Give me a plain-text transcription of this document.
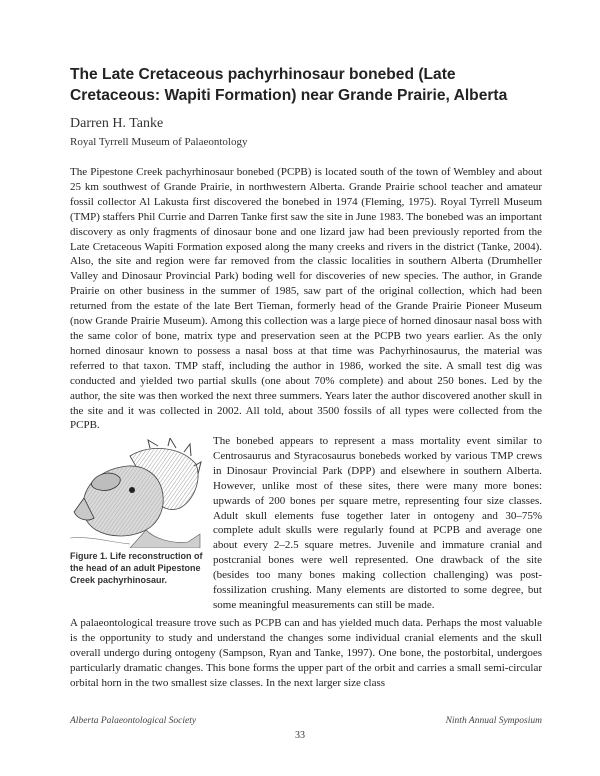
The Late Cretaceous pachyrhinosaur bonebed (Late Cretaceous: Wapiti Formation) near Grande Prairie, Alberta
Darren H. Tanke
Royal Tyrrell Museum of Palaeontology

The Pipestone Creek pachyrhinosaur bonebed (PCPB) is located south of the town of Wembley and about 25 km southwest of Grande Prairie, in northwestern Alberta. Grande Prairie school teacher and amateur fossil collector Al Lakusta first discovered the bonebed in 1974 (Fleming, 1975). Royal Tyrrell Museum (TMP) staffers Phil Currie and Darren Tanke first saw the site in June 1983. The bonebed was an important discovery as only fragments of dinosaur bone and one lizard jaw had been previously reported from the Late Cretaceous Wapiti Formation exposed along the many creeks and rivers in the district (Tanke, 2004). Also, the site and region were far removed from the classic localities in southern Alberta (Drumheller Valley and Dinosaur Provincial Park) boding well for discoveries of new species. The author, in Grande Prairie on other business in the summer of 1985, saw part of the original collection, which had been returned from the estate of the late Bert Tieman, formerly head of the Grande Prairie Pioneer Museum (now Grande Prairie Museum). Among this collection was a large piece of horned dinosaur nasal boss with the same color of bone, matrix type and preservation seen at the PCPB two years earlier. As the only horned dinosaur known to possess a nasal boss at that time was Pachyrhinosaurus, the material was referred to that taxon. TMP staff, including the author in 1986, worked the site. A small test dig was conducted and yielded two partial skulls (one about 70% complete) and about 250 bones. Led by the author, the site was then worked the next three summers. Years later the author discovered another skull in the site and it was collected in 2002. All told, about 3500 fossils of all types were collected from the PCPB.

Figure 1. Life reconstruction of the head of an adult Pipestone Creek pachyrhinosaur.

The bonebed appears to represent a mass mortality event similar to Centrosaurus and Styracosaurus bonebeds worked by various TMP crews in Dinosaur Provincial Park (DPP) and elsewhere in southern Alberta. However, unlike most of these sites, there were many more bones: upwards of 200 bones per square metre, representing four size classes. Adult skull elements fuse together later in ontogeny and 30–75% complete adult skulls were regularly found at PCPB and average one about every 2–2.5 square metres. Juvenile and immature cranial and postcranial bones were well represented. One drawback of the site (besides too many bones making collection challenging) was post-fossilization crushing. Many elements are distorted to some degree, but some meaningful measurements can still be made.

A palaeontological treasure trove such as PCPB can and has yielded much data. Perhaps the most valuable is the opportunity to study and understand the changes some individual cranial elements and the skull overall undergo during ontogeny (Sampson, Ryan and Tanke, 1997). One bone, the postorbital, undergoes particularly dramatic changes. This bone forms the upper part of the orbit and carries a small semi-circular orbital horn in the two smallest size classes. In the next larger size class

Alberta Palaeontological Society	Ninth Annual Symposium
33
